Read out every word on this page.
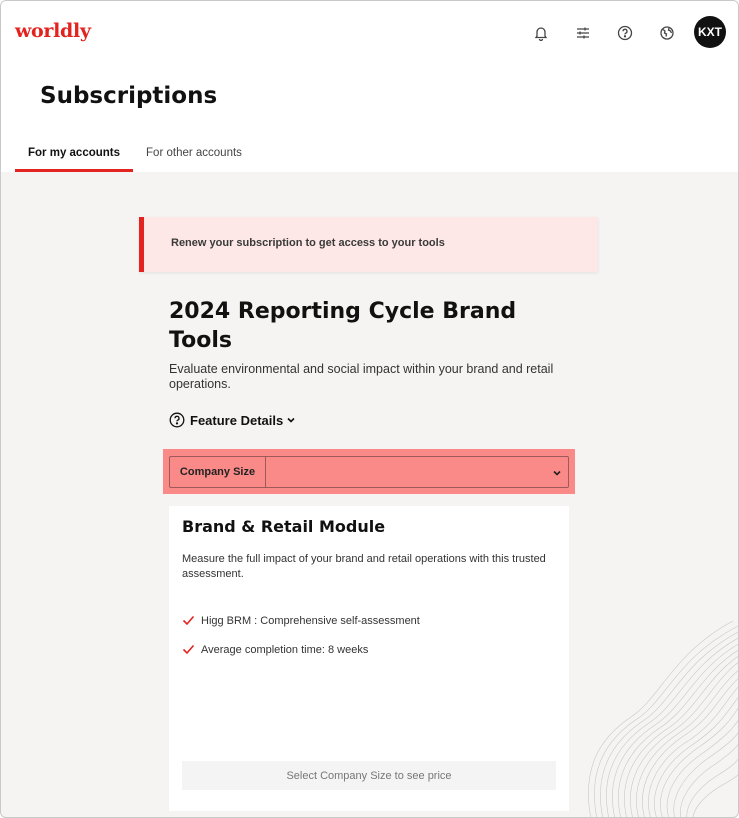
worldly	KXT
Subscriptions
For my accounts	For other accounts
Renew your subscription to get access to your tools
2024 Reporting Cycle Brand Tools
Evaluate environmental and social impact within your brand and retail operations.
Feature Details
Company Size
Brand & Retail Module
Measure the full impact of your brand and retail operations with this trusted assessment.
Higg BRM : Comprehensive self-assessment
Average completion time: 8 weeks
Select Company Size to see price
